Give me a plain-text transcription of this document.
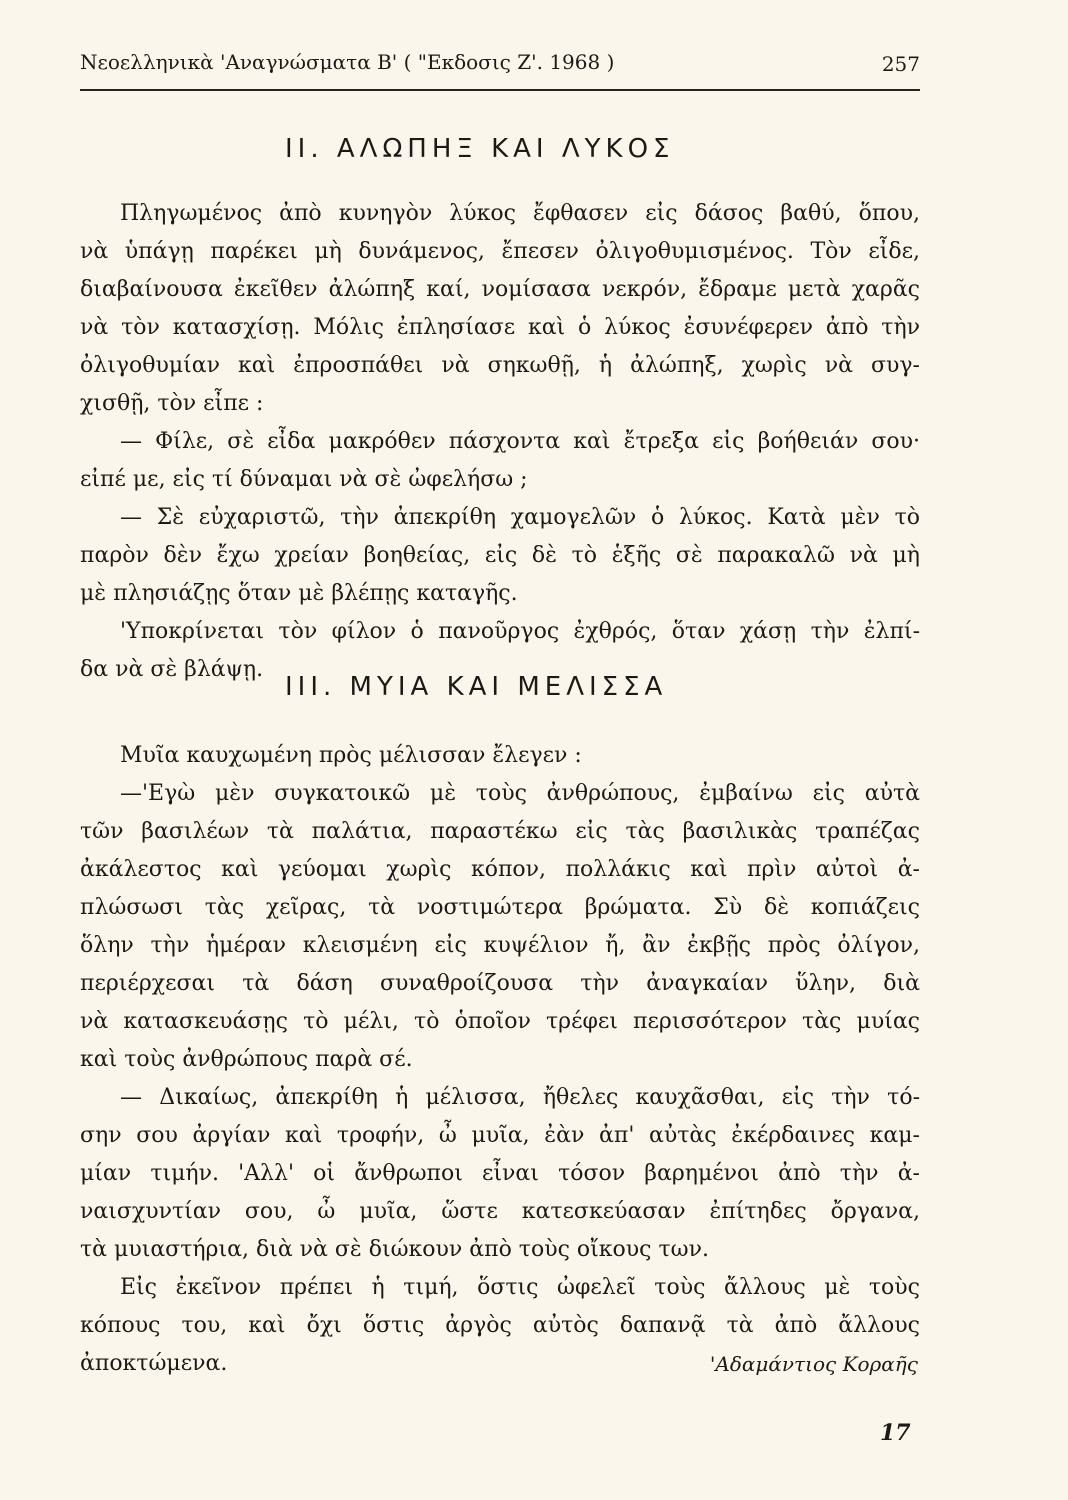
Νεοελληνικὰ 'Αναγνώσματα Β' ( "Εκδοσις Ζ'. 1968 )	257
II. ΑΛΩΠΗΞ ΚΑΙ ΛΥΚΟΣ
Πληγωμένος ἀπὸ κυνηγὸν λύκος ἔφθασεν εἰς δάσος βαθύ, ὅπου,
νὰ ὑπάγῃ παρέκει μὴ δυνάμενος, ἔπεσεν ὀλιγοθυμισμένος. Τὸν εἶδε,
διαβαίνουσα ἐκεῖθεν ἀλώπηξ καί, νομίσασα νεκρόν, ἔδραμε μετὰ χαρᾶς
νὰ τὸν κατασχίσῃ. Μόλις ἐπλησίασε καὶ ὁ λύκος ἐσυνέφερεν ἀπὸ τὴν
ὀλιγοθυμίαν καὶ ἐπροσπάθει νὰ σηκωθῇ, ἡ ἀλώπηξ, χωρὶς νὰ συγ-
χισθῇ, τὸν εἶπε :
— Φίλε, σὲ εἶδα μακρόθεν πάσχοντα καὶ ἔτρεξα εἰς βοήθειάν σου·
εἰπέ με, εἰς τί δύναμαι νὰ σὲ ὠφελήσω ;
— Σὲ εὐχαριστῶ, τὴν ἀπεκρίθη χαμογελῶν ὁ λύκος. Κατὰ μὲν τὸ
παρὸν δὲν ἔχω χρείαν βοηθείας, εἰς δὲ τὸ ἑξῆς σὲ παρακαλῶ νὰ μὴ
μὲ πλησιάζῃς ὅταν μὲ βλέπῃς καταγῆς.
'Υποκρίνεται τὸν φίλον ὁ πανοῦργος ἐχθρός, ὅταν χάσῃ τὴν ἐλπί-
δα νὰ σὲ βλάψῃ.
III. ΜΥΙΑ ΚΑΙ ΜΕΛΙΣΣΑ
Μυῖα καυχωμένη πρὸς μέλισσαν ἔλεγεν :
—'Εγὼ μὲν συγκατοικῶ μὲ τοὺς ἀνθρώπους, ἐμβαίνω εἰς αὐτὰ
τῶν βασιλέων τὰ παλάτια, παραστέκω εἰς τὰς βασιλικὰς τραπέζας
ἀκάλεστος καὶ γεύομαι χωρὶς κόπον, πολλάκις καὶ πρὶν αὐτοὶ ἀ-
πλώσωσι τὰς χεῖρας, τὰ νοστιμώτερα βρώματα. Σὺ δὲ κοπιάζεις
ὅλην τὴν ἡμέραν κλεισμένη εἰς κυψέλιον ἤ, ἂν ἐκβῇς πρὸς ὀλίγον,
περιέρχεσαι τὰ δάση συναθροίζουσα τὴν ἀναγκαίαν ὕλην, διὰ
νὰ κατασκευάσῃς τὸ μέλι, τὸ ὁποῖον τρέφει περισσότερον τὰς μυίας
καὶ τοὺς ἀνθρώπους παρὰ σέ.
— Δικαίως, ἀπεκρίθη ἡ μέλισσα, ἤθελες καυχᾶσθαι, εἰς τὴν τό-
σην σου ἀργίαν καὶ τροφήν, ὦ μυῖα, ἐὰν ἀπ' αὐτὰς ἐκέρδαινες καμ-
μίαν τιμήν. 'Αλλ' οἱ ἄνθρωποι εἶναι τόσον βαρημένοι ἀπὸ τὴν ἀ-
ναισχυντίαν σου, ὦ μυῖα, ὥστε κατεσκεύασαν ἐπίτηδες ὄργανα,
τὰ μυιαστήρια, διὰ νὰ σὲ διώκουν ἀπὸ τοὺς οἴκους των.
Εἰς ἐκεῖνον πρέπει ἡ τιμή, ὅστις ὠφελεῖ τοὺς ἄλλους μὲ τοὺς
κόπους του, καὶ ὄχι ὅστις ἀργὸς αὐτὸς δαπανᾷ τὰ ἀπὸ ἄλλους
ἀποκτώμενα.	'Αδαμάντιος Κοραῆς
17
